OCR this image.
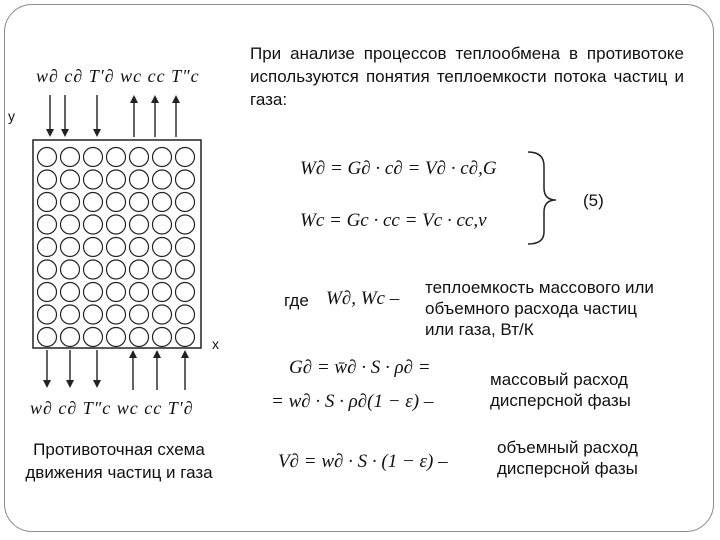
При анализе процессов теплообмена в противотоке используются понятия теплоемкости потока частиц и газа:
y
x
w∂ c∂ T′∂ wc cc T″c
w∂ c∂ T″c wc cc T′∂
Противоточная схема движения частиц и газа
W∂ = G∂ · c∂ = V∂ · c∂,G
Wc = Gc · cc = Vc · cc,v
(5)
где W∂, Wc –
теплоемкость массового или объемного расхода частиц или газа, Вт/К
G∂ = w̄∂ · S · ρ∂ =
= w∂ · S · ρ∂(1 − ε) –
массовый расход дисперсной фазы
V∂ = w∂ · S · (1 − ε) –
объемный расход дисперсной фазы
